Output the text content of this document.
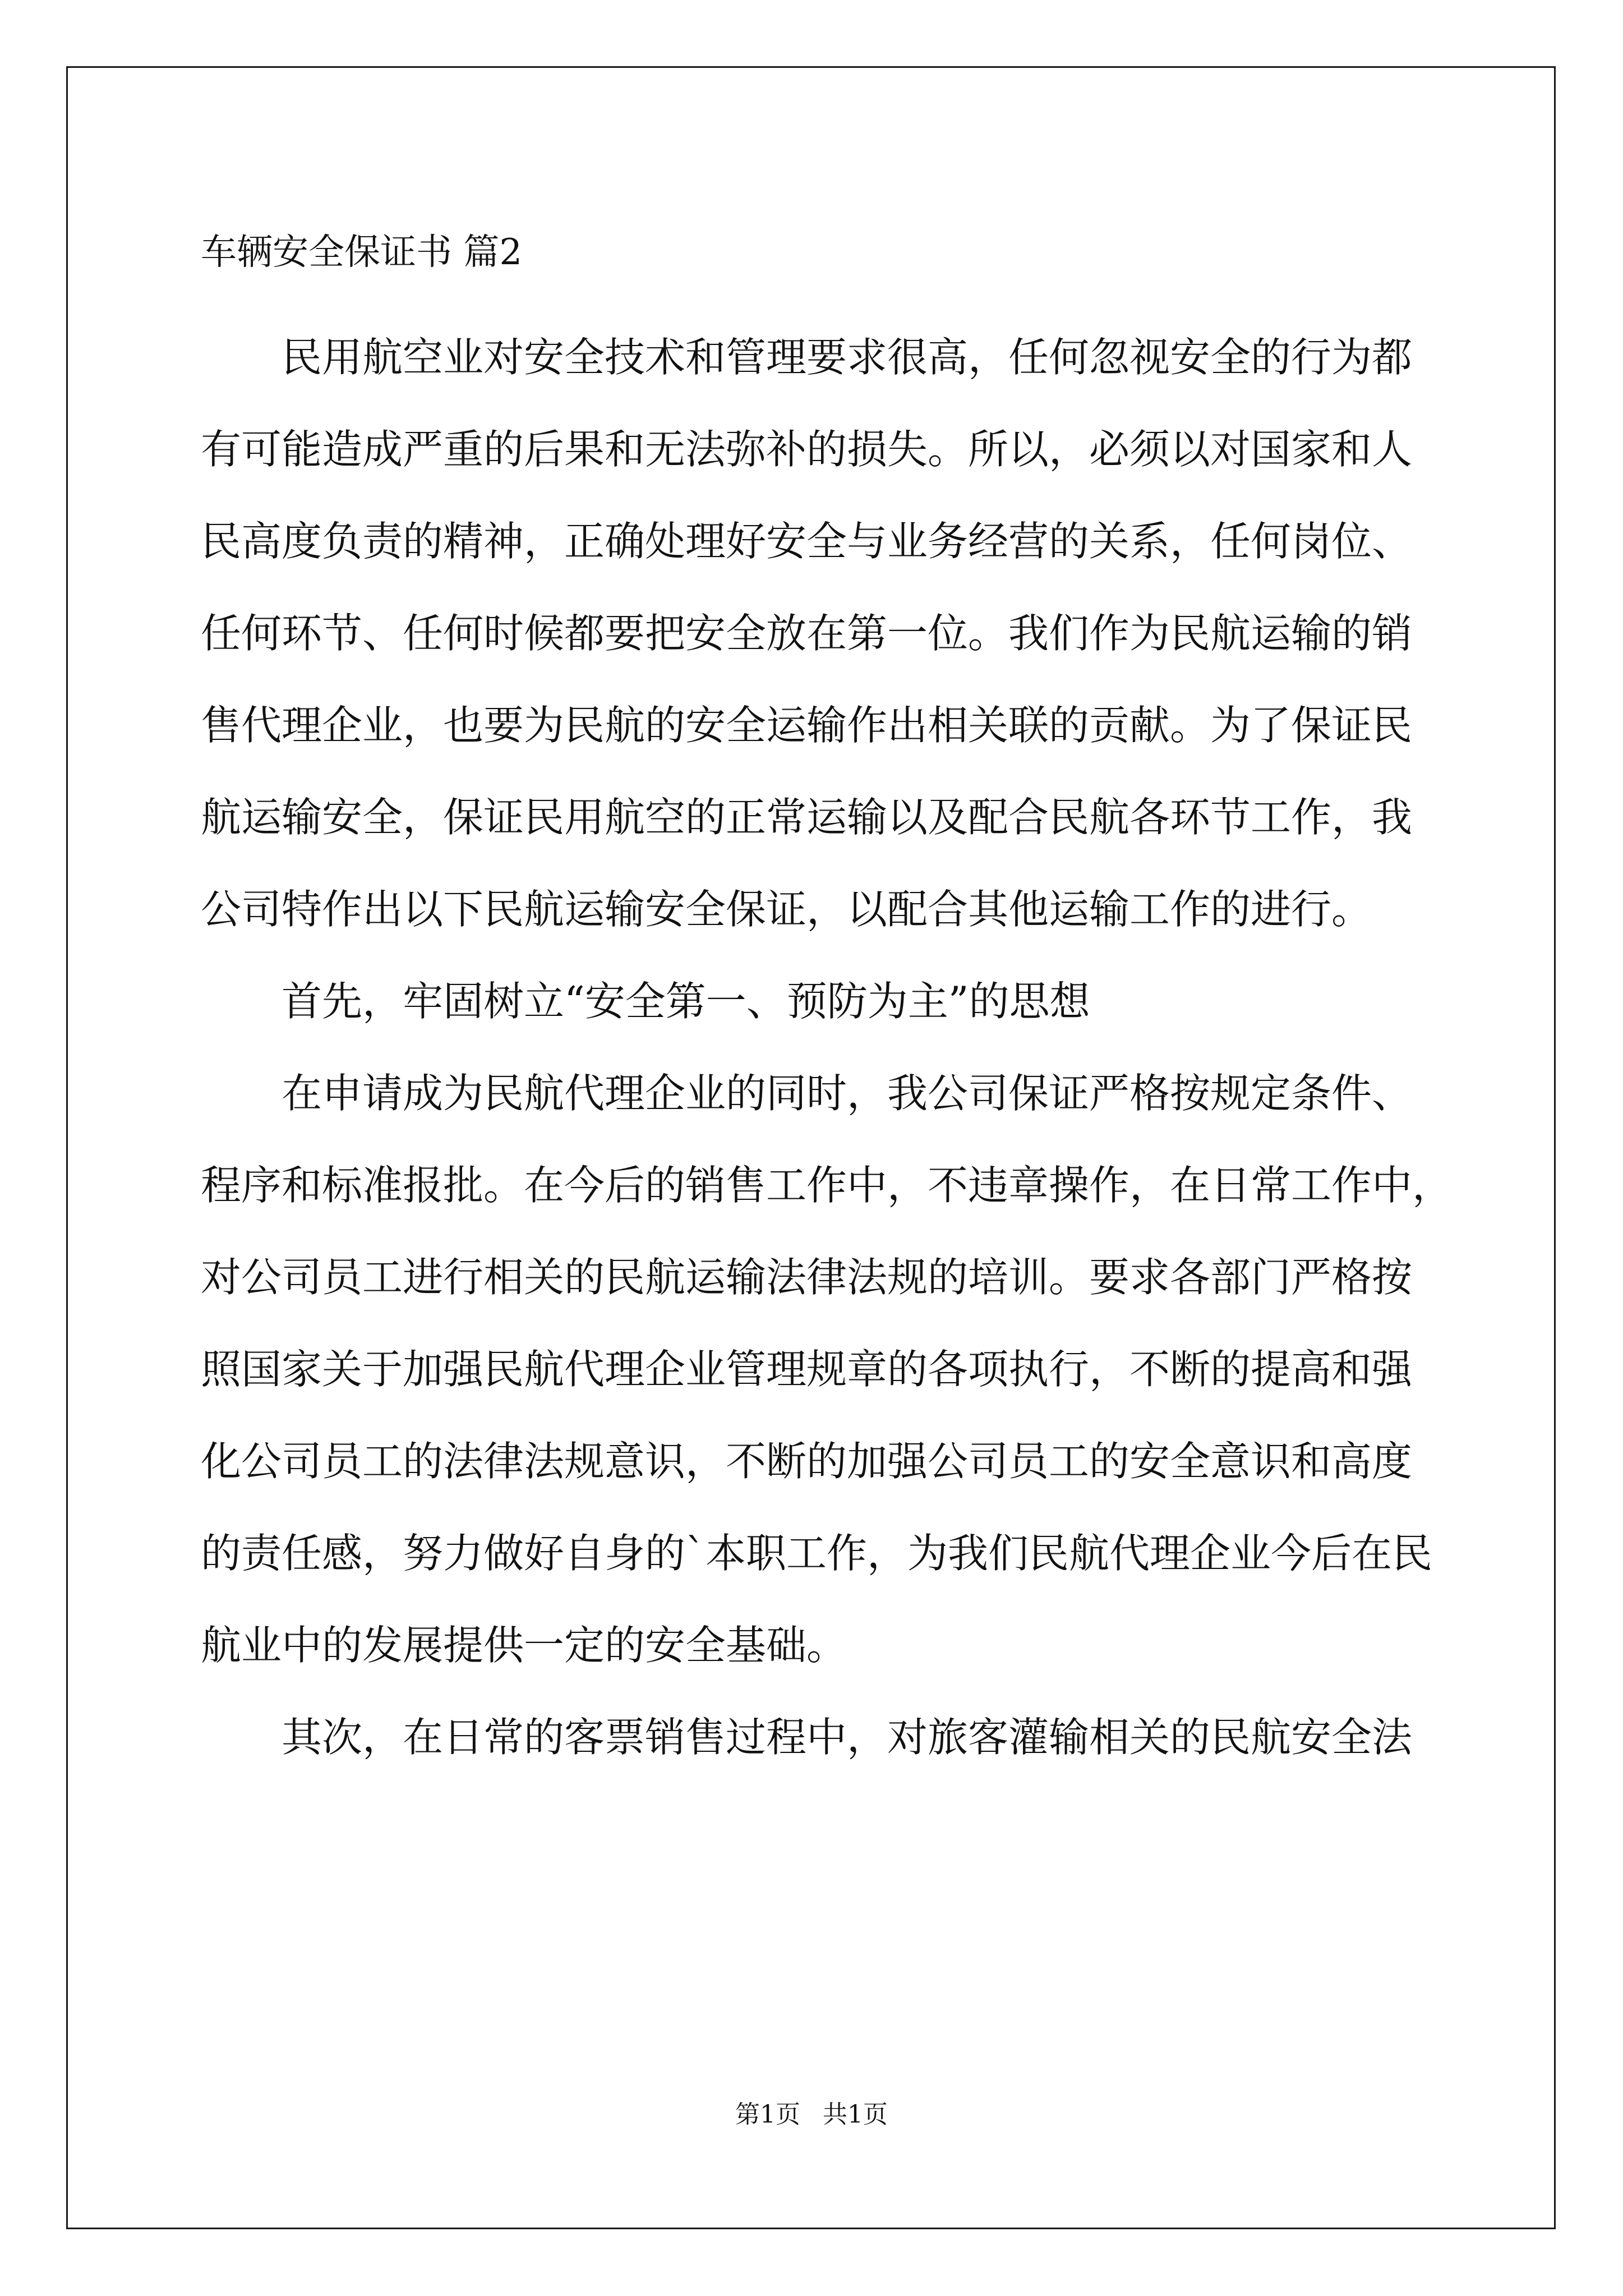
车辆安全保证书 篇2

民用航空业对安全技术和管理要求很高，任何忽视安全的行为都

有可能造成严重的后果和无法弥补的损失。所以，必须以对国家和人

民高度负责的精神，正确处理好安全与业务经营的关系，任何岗位、

任何环节、任何时候都要把安全放在第一位。我们作为民航运输的销

售代理企业，也要为民航的安全运输作出相关联的贡献。为了保证民

航运输安全，保证民用航空的正常运输以及配合民航各环节工作，我

公司特作出以下民航运输安全保证，以配合其他运输工作的进行。

首先，牢固树立“安全第一、预防为主”的思想

在申请成为民航代理企业的同时，我公司保证严格按规定条件、

程序和标准报批。在今后的销售工作中，不违章操作，在日常工作中，

对公司员工进行相关的民航运输法律法规的培训。要求各部门严格按

照国家关于加强民航代理企业管理规章的各项执行，不断的提高和强

化公司员工的法律法规意识，不断的加强公司员工的安全意识和高度

的责任感，努力做好自身的`本职工作，为我们民航代理企业今后在民

航业中的发展提供一定的安全基础。

其次，在日常的客票销售过程中，对旅客灌输相关的民航安全法

第1页 共1页
